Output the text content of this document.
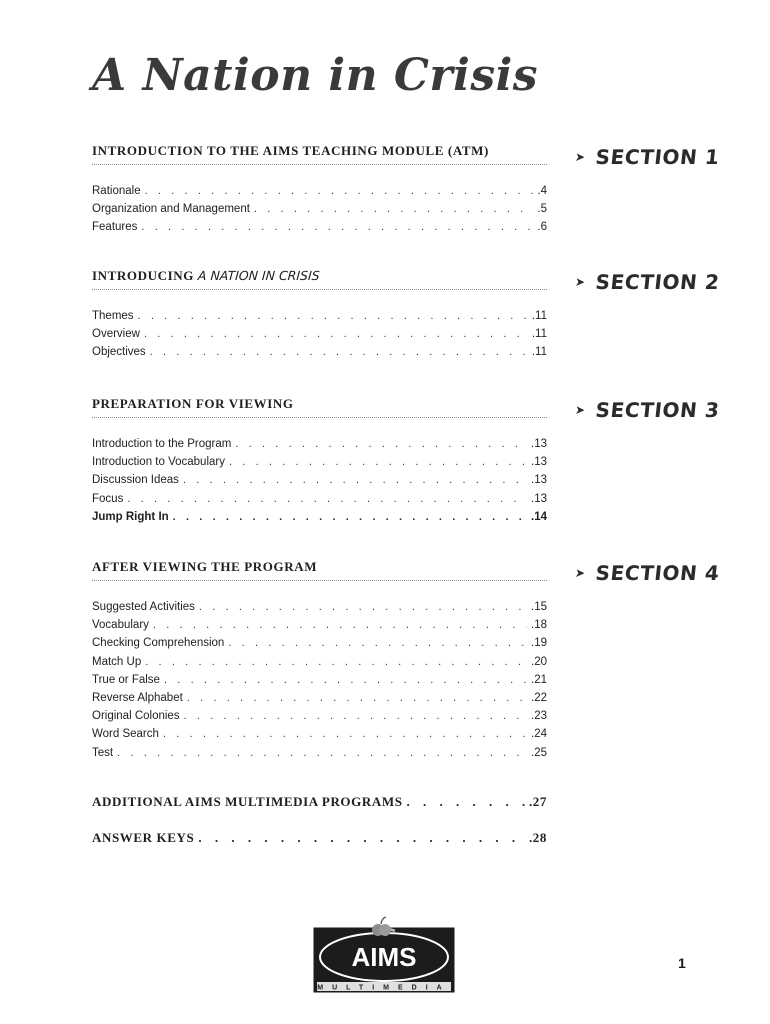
A Nation in Crisis
INTRODUCTION TO THE AIMS TEACHING MODULE (ATM)	➤ SECTION 1
Rationale . . .	.4
Organization and Management . . .	.5
Features . . .	.6
INTRODUCING A NATION IN CRISIS	➤ SECTION 2
Themes . . .	.11
Overview . . .	.11
Objectives . . .	.11
PREPARATION FOR VIEWING	➤ SECTION 3
Introduction to the Program . . .	.13
Introduction to Vocabulary . . .	.13
Discussion Ideas . . .	.13
Focus . . .	.13
Jump Right In . . .	.14
AFTER VIEWING THE PROGRAM	➤ SECTION 4
Suggested Activities . . .	.15
Vocabulary . . .	.18
Checking Comprehension . . .	.19
Match Up . . .	.20
True or False . . .	.21
Reverse Alphabet . . .	.22
Original Colonies . . .	.23
Word Search . . .	.24
Test . . .	.25
ADDITIONAL AIMS MULTIMEDIA PROGRAMS . . .	.27
ANSWER KEYS . . .	.28
AIMS
MULTIMEDIA
1
